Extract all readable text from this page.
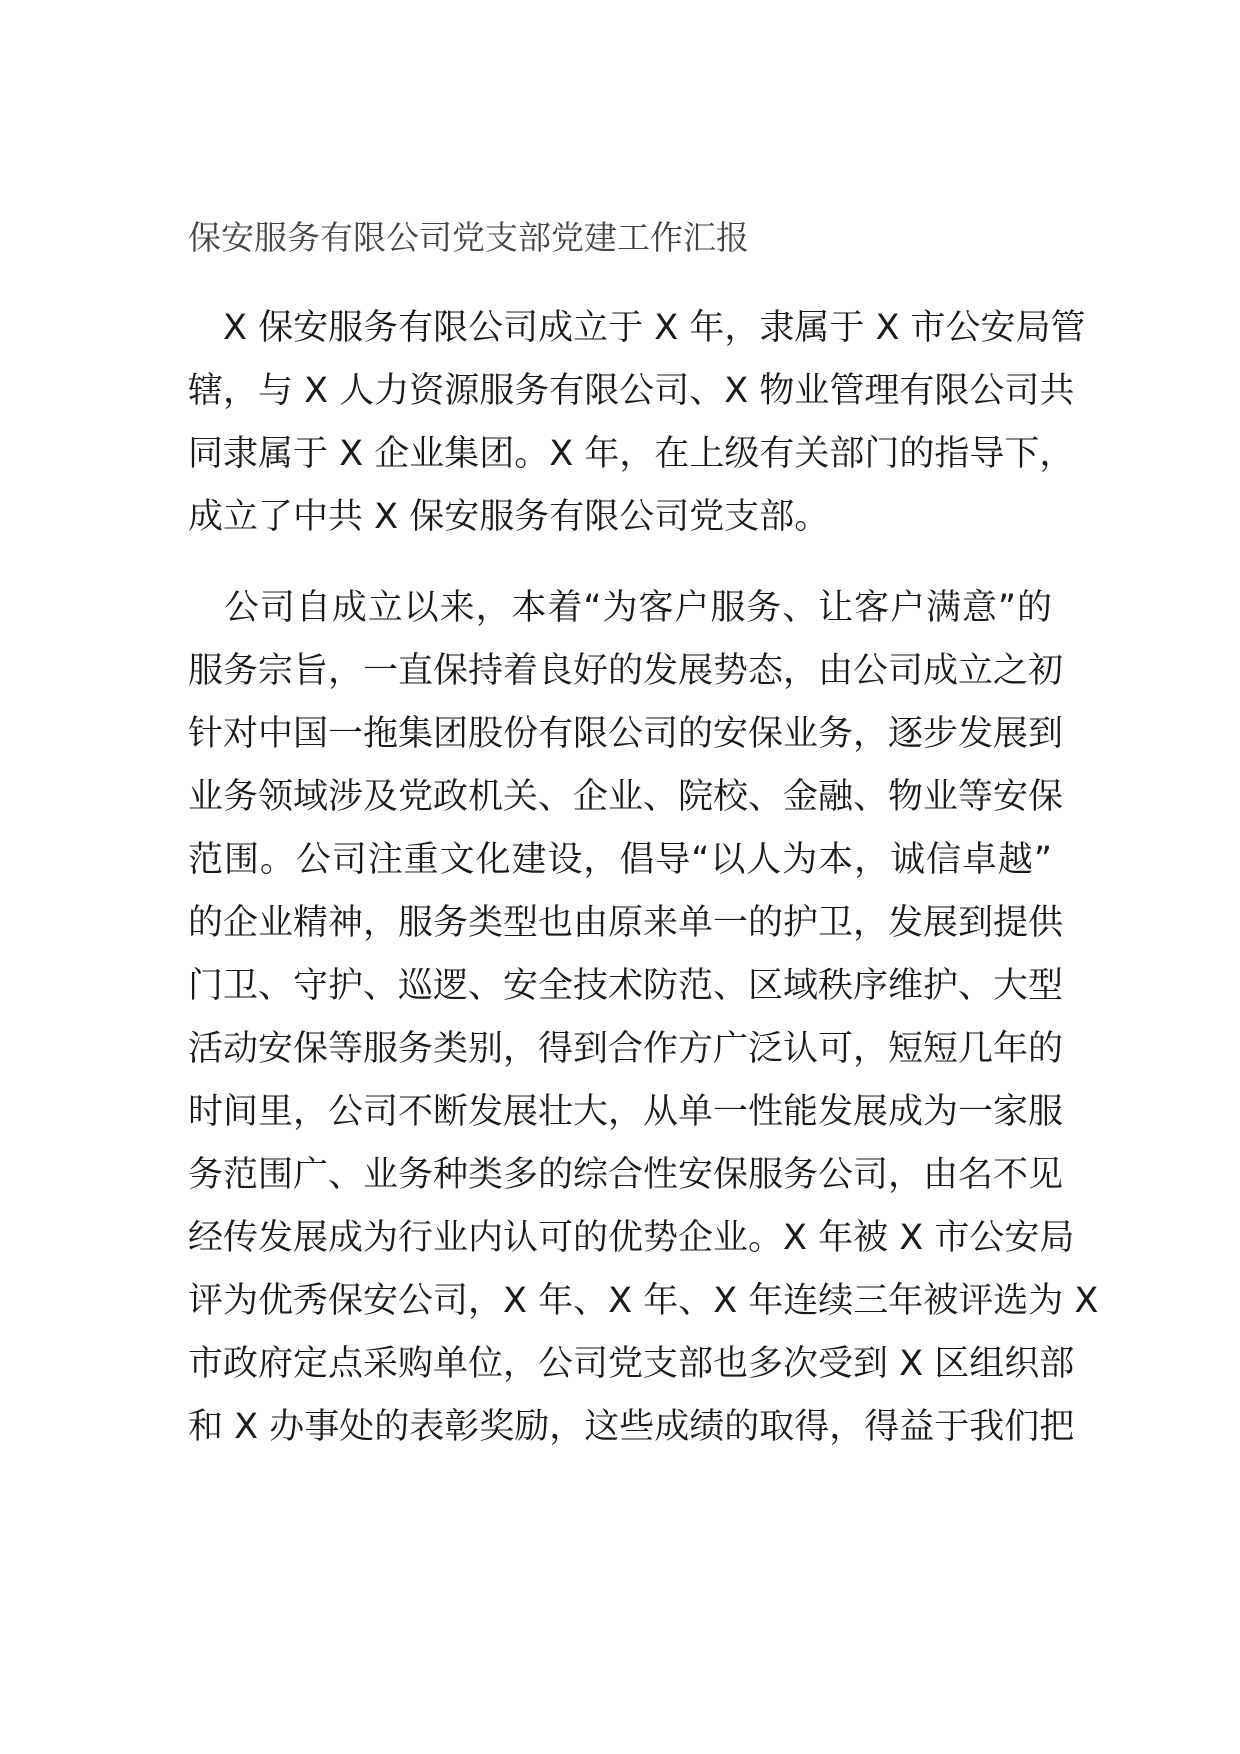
保安服务有限公司党支部党建工作汇报
　X 保安服务有限公司成立于 X 年，隶属于 X 市公安局管
辖，与 X 人力资源服务有限公司、X 物业管理有限公司共
同隶属于 X 企业集团。X 年，在上级有关部门的指导下，
成立了中共 X 保安服务有限公司党支部。
　公司自成立以来，本着“为客户服务、让客户满意”的
服务宗旨，一直保持着良好的发展势态，由公司成立之初
针对中国一拖集团股份有限公司的安保业务，逐步发展到
业务领域涉及党政机关、企业、院校、金融、物业等安保
范围。公司注重文化建设，倡导“以人为本，诚信卓越”
的企业精神，服务类型也由原来单一的护卫，发展到提供
门卫、守护、巡逻、安全技术防范、区域秩序维护、大型
活动安保等服务类别，得到合作方广泛认可，短短几年的
时间里，公司不断发展壮大，从单一性能发展成为一家服
务范围广、业务种类多的综合性安保服务公司，由名不见
经传发展成为行业内认可的优势企业。X 年被 X 市公安局
评为优秀保安公司，X 年、X 年、X 年连续三年被评选为 X
市政府定点采购单位，公司党支部也多次受到 X 区组织部
和 X 办事处的表彰奖励，这些成绩的取得，得益于我们把
